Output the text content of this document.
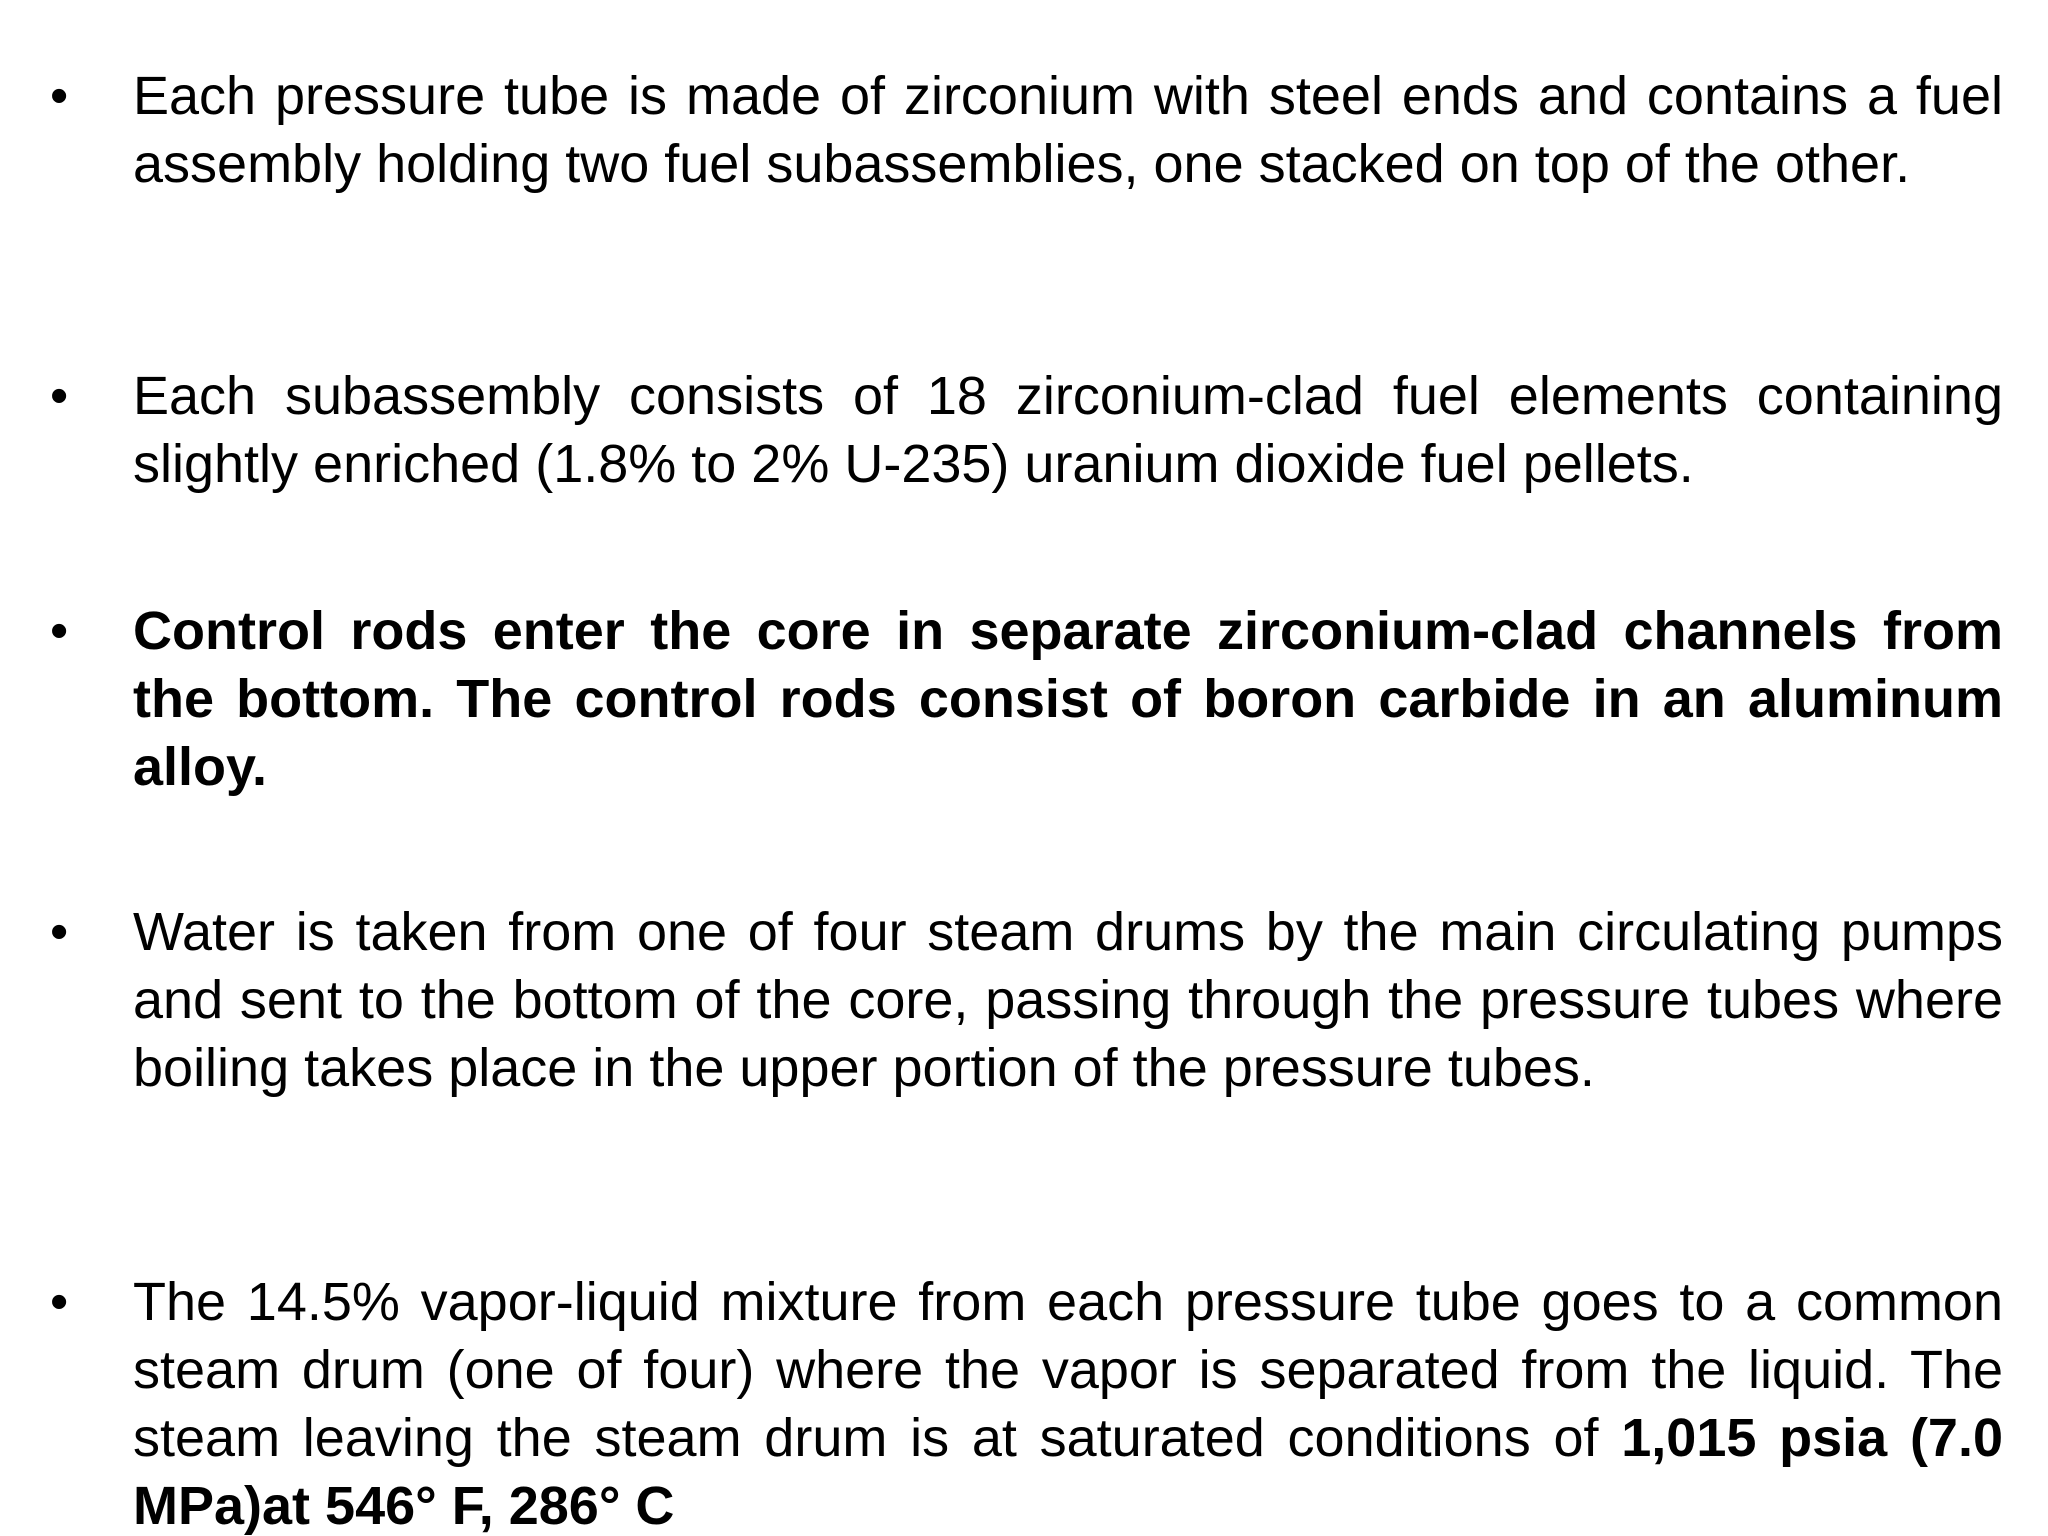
• Each pressure tube is made of zirconium with steel ends and contains a fuel assembly holding two fuel subassemblies, one stacked on top of the other.
• Each subassembly consists of 18 zirconium-clad fuel elements containing slightly enriched (1.8% to 2% U-235) uranium dioxide fuel pellets.
• Control rods enter the core in separate zirconium-clad channels from the bottom. The control rods consist of boron carbide in an aluminum alloy.
• Water is taken from one of four steam drums by the main circulating pumps and sent to the bottom of the core, passing through the pressure tubes where boiling takes place in the upper portion of the pressure tubes.
• The 14.5% vapor-liquid mixture from each pressure tube goes to a common steam drum (one of four) where the vapor is separated from the liquid. The steam leaving the steam drum is at saturated conditions of 1,015 psia (7.0 MPa)at 546° F, 286° C
